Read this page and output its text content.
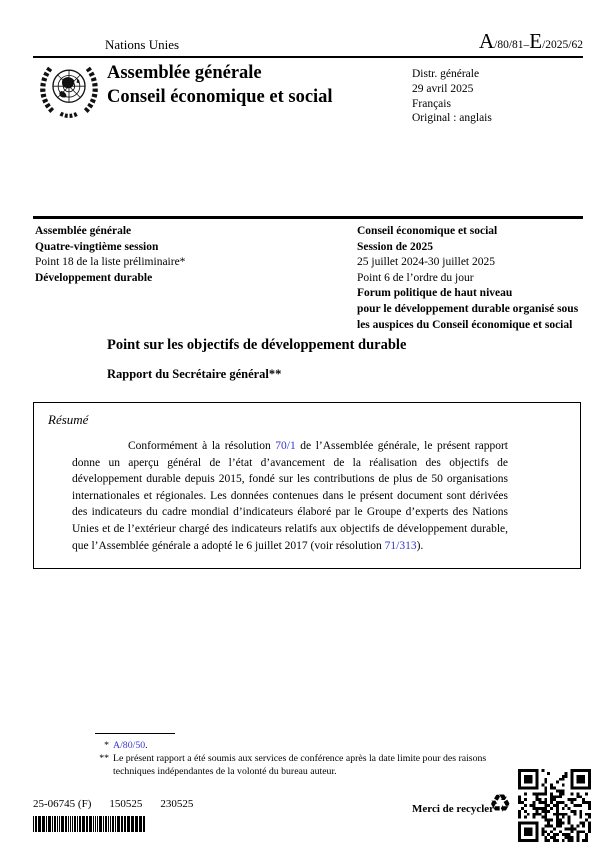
Nations Unies	A/80/81–E/2025/62
Assemblée générale
Conseil économique et social
Distr. générale
29 avril 2025
Français
Original : anglais
Assemblée générale
Quatre-vingtième session
Point 18 de la liste préliminaire*
Développement durable
Conseil économique et social
Session de 2025
25 juillet 2024-30 juillet 2025
Point 6 de l’ordre du jour
Forum politique de haut niveau
pour le développement durable organisé sous
les auspices du Conseil économique et social
Point sur les objectifs de développement durable
Rapport du Secrétaire général**
Résumé

Conformément à la résolution 70/1 de l’Assemblée générale, le présent rapport donne un aperçu général de l’état d’avancement de la réalisation des objectifs de développement durable depuis 2015, fondé sur les contributions de plus de 50 organisations internationales et régionales. Les données contenues dans le présent document sont dérivées des indicateurs du cadre mondial d’indicateurs élaboré par le Groupe d’experts des Nations Unies et de l’extérieur chargé des indicateurs relatifs aux objectifs de développement durable, que l’Assemblée générale a adopté le 6 juillet 2017 (voir résolution 71/313).

* A/80/50.
** Le présent rapport a été soumis aux services de conférence après la date limite pour des raisons techniques indépendantes de la volonté du bureau auteur.
25-06745 (F) 150525 230525	Merci de recycler
♻
